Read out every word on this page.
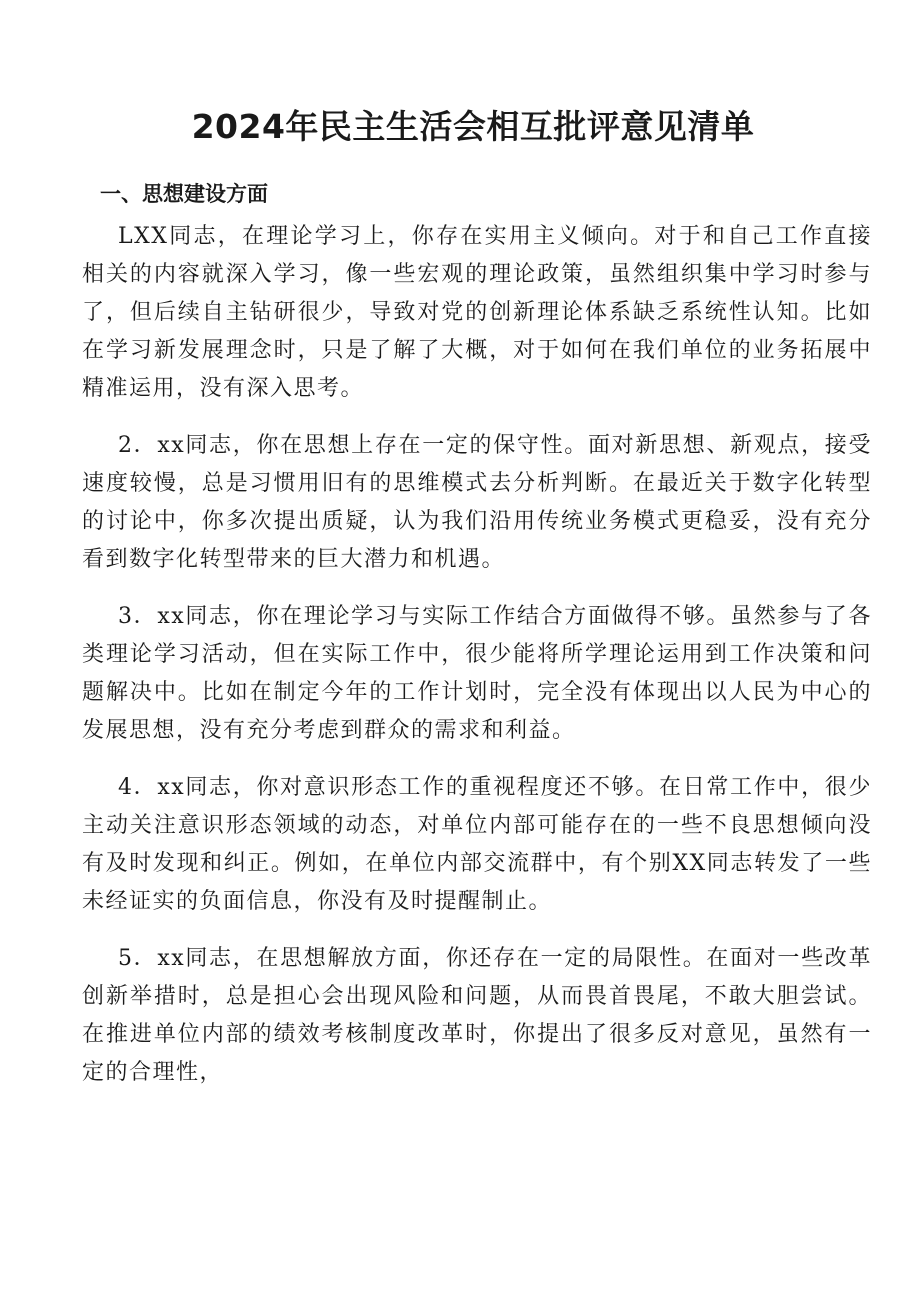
2024年民主生活会相互批评意见清单
一、思想建设方面

LXX同志，在理论学习上，你存在实用主义倾向。对于和自己工作直接相关的内容就深入学习，像一些宏观的理论政策，虽然组织集中学习时参与了，但后续自主钻研很少，导致对党的创新理论体系缺乏系统性认知。比如在学习新发展理念时，只是了解了大概，对于如何在我们单位的业务拓展中精准运用，没有深入思考。

2．xx同志，你在思想上存在一定的保守性。面对新思想、新观点，接受速度较慢，总是习惯用旧有的思维模式去分析判断。在最近关于数字化转型的讨论中，你多次提出质疑，认为我们沿用传统业务模式更稳妥，没有充分看到数字化转型带来的巨大潜力和机遇。

3．xx同志，你在理论学习与实际工作结合方面做得不够。虽然参与了各类理论学习活动，但在实际工作中，很少能将所学理论运用到工作决策和问题解决中。比如在制定今年的工作计划时，完全没有体现出以人民为中心的发展思想，没有充分考虑到群众的需求和利益。

4．xx同志，你对意识形态工作的重视程度还不够。在日常工作中，很少主动关注意识形态领域的动态，对单位内部可能存在的一些不良思想倾向没有及时发现和纠正。例如，在单位内部交流群中，有个别XX同志转发了一些未经证实的负面信息，你没有及时提醒制止。

5．xx同志，在思想解放方面，你还存在一定的局限性。在面对一些改革创新举措时，总是担心会出现风险和问题，从而畏首畏尾，不敢大胆尝试。在推进单位内部的绩效考核制度改革时，你提出了很多反对意见，虽然有一定的合理性，
